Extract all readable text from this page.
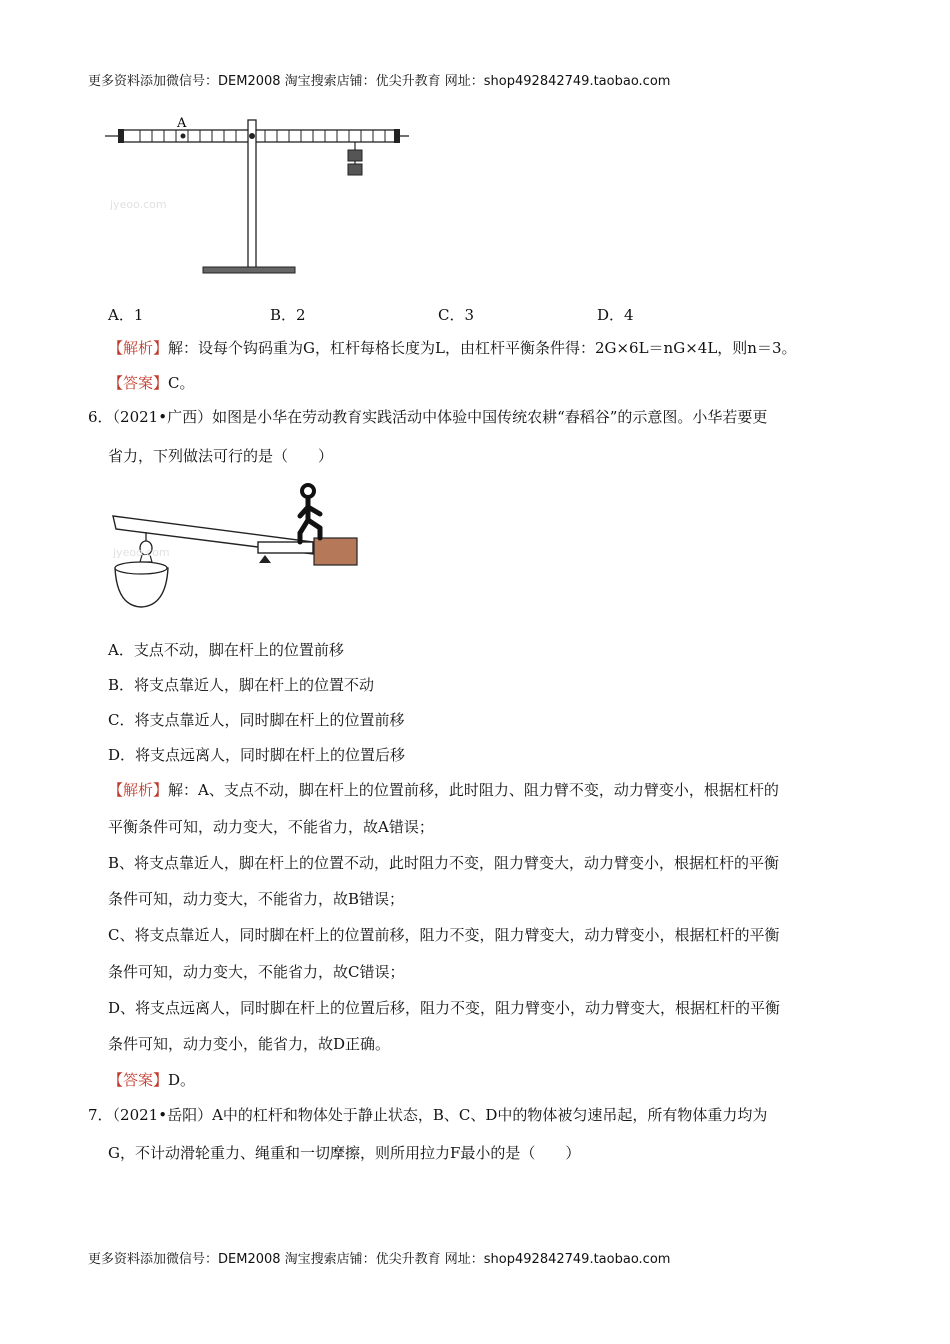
更多资料添加微信号：DEM2008 淘宝搜索店铺：优尖升教育 网址：shop492842749.taobao.com
A
jyeoo.com
A．1	B．2	C．3	D．4
【解析】解：设每个钩码重为G，杠杆每格长度为L，由杠杆平衡条件得：2G×6L＝nG×4L，则n＝3。
【答案】C。
6．（2021•广西）如图是小华在劳动教育实践活动中体验中国传统农耕“舂稻谷”的示意图。小华若要更
省力，下列做法可行的是（　　）
jyeoo.com
A．支点不动，脚在杆上的位置前移
B．将支点靠近人，脚在杆上的位置不动
C．将支点靠近人，同时脚在杆上的位置前移
D．将支点远离人，同时脚在杆上的位置后移
【解析】解：A、支点不动，脚在杆上的位置前移，此时阻力、阻力臂不变，动力臂变小，根据杠杆的
平衡条件可知，动力变大，不能省力，故A错误；
B、将支点靠近人，脚在杆上的位置不动，此时阻力不变，阻力臂变大，动力臂变小，根据杠杆的平衡
条件可知，动力变大，不能省力，故B错误；
C、将支点靠近人，同时脚在杆上的位置前移，阻力不变，阻力臂变大，动力臂变小，根据杠杆的平衡
条件可知，动力变大，不能省力，故C错误；
D、将支点远离人，同时脚在杆上的位置后移，阻力不变，阻力臂变小，动力臂变大，根据杠杆的平衡
条件可知，动力变小，能省力，故D正确。
【答案】D。
7．（2021•岳阳）A中的杠杆和物体处于静止状态，B、C、D中的物体被匀速吊起，所有物体重力均为
G，不计动滑轮重力、绳重和一切摩擦，则所用拉力F最小的是（　　）
更多资料添加微信号：DEM2008 淘宝搜索店铺：优尖升教育 网址：shop492842749.taobao.com
